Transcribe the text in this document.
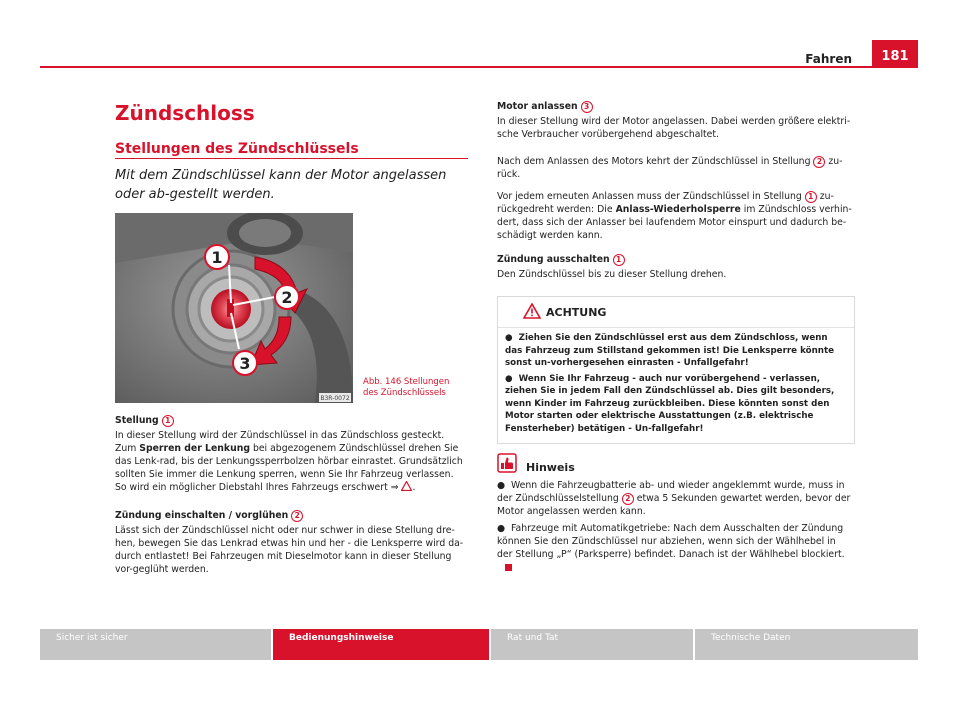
Fahren	181
Zündschloss
Stellungen des Zündschlüssels
Mit dem Zündschlüssel kann der Motor angelassen oder ab-gestellt werden.
1
2
3
B3R-0072
Abb. 146 Stellungen
des Zündschlüssels
Stellung 1
In dieser Stellung wird der Zündschlüssel in das Zündschloss gesteckt. Zum Sperren der Lenkung bei abgezogenem Zündschlüssel drehen Sie das Lenk-rad, bis der Lenkungssperrbolzen hörbar einrastet. Grundsätzlich sollten Sie immer die Lenkung sperren, wenn Sie Ihr Fahrzeug verlassen. So wird ein möglicher Diebstahl Ihres Fahrzeugs erschwert ⇒ .
Zündung einschalten / vorglühen 2
Lässt sich der Zündschlüssel nicht oder nur schwer in diese Stellung dre-hen, bewegen Sie das Lenkrad etwas hin und her - die Lenksperre wird da-durch entlastet! Bei Fahrzeugen mit Dieselmotor kann in dieser Stellung vor-geglüht werden.
Motor anlassen 3
In dieser Stellung wird der Motor angelassen. Dabei werden größere elektri-sche Verbraucher vorübergehend abgeschaltet.
Nach dem Anlassen des Motors kehrt der Zündschlüssel in Stellung 2 zu-rück.
Vor jedem erneuten Anlassen muss der Zündschlüssel in Stellung 1 zu-rückgedreht werden: Die Anlass-Wiederholsperre im Zündschloss verhin-dert, dass sich der Anlasser bei laufendem Motor einspurt und dadurch be-schädigt werden kann.
Zündung ausschalten 1
Den Zündschlüssel bis zu dieser Stellung drehen.
ACHTUNG

●  Ziehen Sie den Zündschlüssel erst aus dem Zündschloss, wenn das Fahrzeug zum Stillstand gekommen ist! Die Lenksperre könnte sonst un-vorhergesehen einrasten - Unfallgefahr!

●  Wenn Sie Ihr Fahrzeug - auch nur vorübergehend - verlassen, ziehen Sie in jedem Fall den Zündschlüssel ab. Dies gilt besonders, wenn Kinder im Fahrzeug zurückbleiben. Diese könnten sonst den Motor starten oder elektrische Ausstattungen (z.B. elektrische Fensterheber) betätigen - Un-fallgefahr!

Hinweis
●  Wenn die Fahrzeugbatterie ab- und wieder angeklemmt wurde, muss in der Zündschlüsselstellung 2 etwa 5 Sekunden gewartet werden, bevor der Motor angelassen werden kann.
●  Fahrzeuge mit Automatikgetriebe: Nach dem Ausschalten der Zündung können Sie den Zündschlüssel nur abziehen, wenn sich der Wählhebel in der Stellung „P“ (Parksperre) befindet. Danach ist der Wählhebel blockiert.
Sicher ist sicher	Bedienungshinweise	Rat und Tat	Technische Daten
